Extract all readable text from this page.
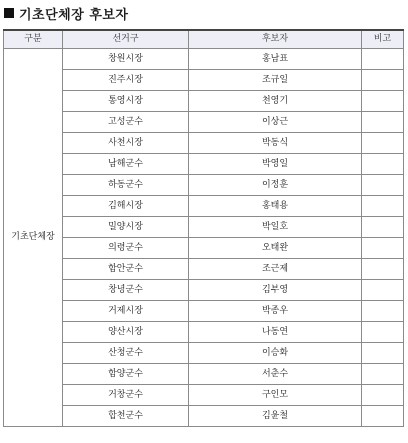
기초단체장 후보자
구분	선거구	후보자	비고
기초단체장	창원시장	홍남표	
	진주시장	조규일	
	통영시장	천영기	
	고성군수	이상근	
	사천시장	박동식	
	남해군수	박영일	
	하동군수	이정훈	
	김해시장	홍태용	
	밀양시장	박일호	
	의령군수	오태완	
	함안군수	조근제	
	창녕군수	김부영	
	거제시장	박종우	
	양산시장	나동연	
	산청군수	이승화	
	함양군수	서춘수	
	거창군수	구인모	
	합천군수	김윤철	
